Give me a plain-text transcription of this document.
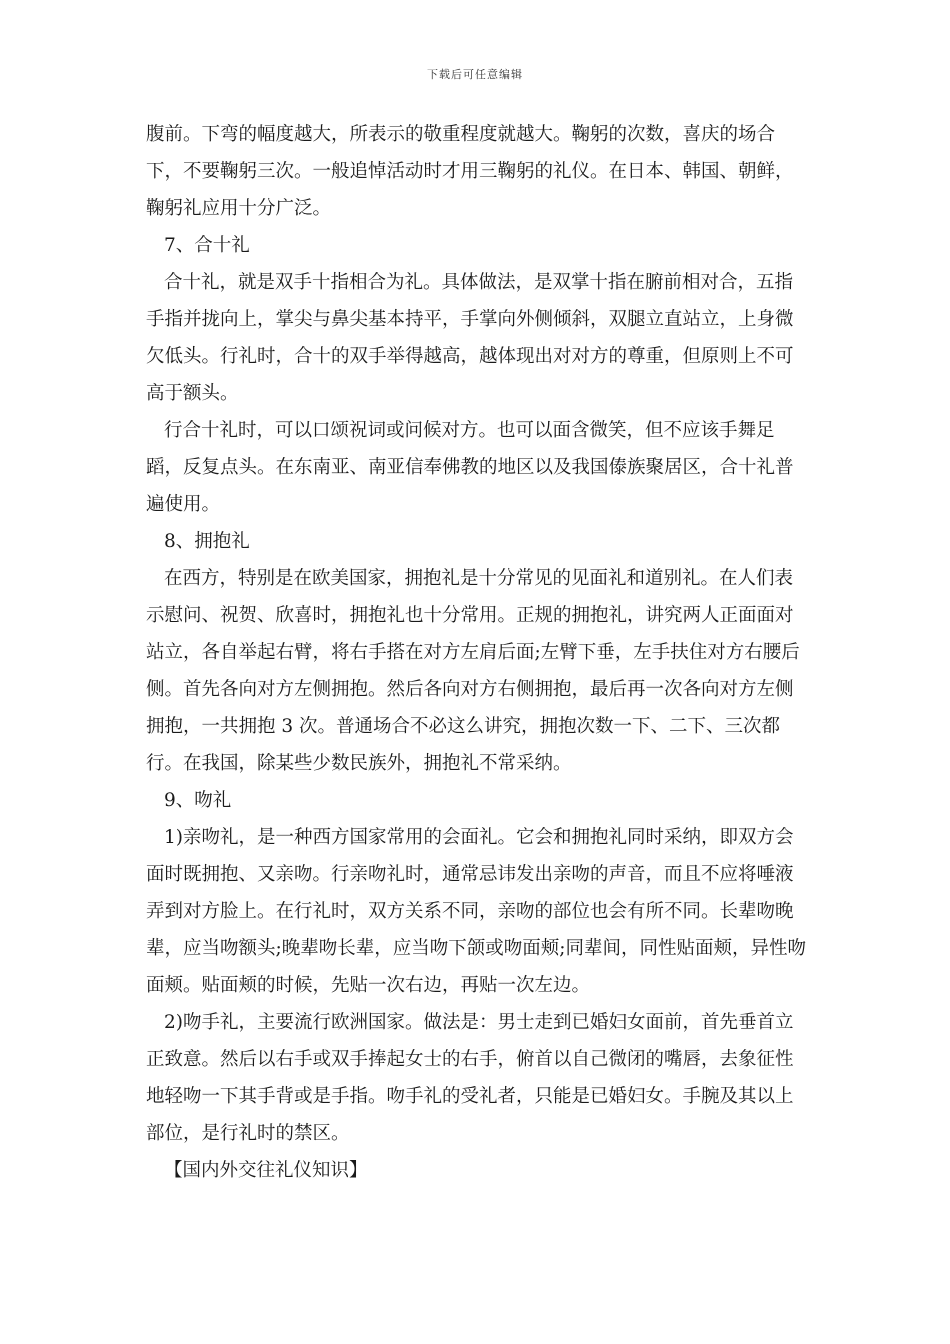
下载后可任意编辑

腹前。下弯的幅度越大，所表示的敬重程度就越大。鞠躬的次数，喜庆的场合下，不要鞠躬三次。一般追悼活动时才用三鞠躬的礼仪。在日本、韩国、朝鲜，鞠躬礼应用十分广泛。

7、合十礼

合十礼，就是双手十指相合为礼。具体做法，是双掌十指在腑前相对合，五指手指并拢向上，掌尖与鼻尖基本持平，手掌向外侧倾斜，双腿立直站立，上身微欠低头。行礼时，合十的双手举得越高，越体现出对对方的尊重，但原则上不可高于额头。

行合十礼时，可以口颂祝词或问候对方。也可以面含微笑，但不应该手舞足蹈，反复点头。在东南亚、南亚信奉佛教的地区以及我国傣族聚居区，合十礼普遍使用。

8、拥抱礼

在西方，特别是在欧美国家，拥抱礼是十分常见的见面礼和道别礼。在人们表示慰问、祝贺、欣喜时，拥抱礼也十分常用。正规的拥抱礼，讲究两人正面面对站立，各自举起右臂，将右手搭在对方左肩后面;左臂下垂，左手扶住对方右腰后侧。首先各向对方左侧拥抱。然后各向对方右侧拥抱，最后再一次各向对方左侧拥抱，一共拥抱 3 次。普通场合不必这么讲究，拥抱次数一下、二下、三次都行。在我国，除某些少数民族外，拥抱礼不常采纳。

9、吻礼

1)亲吻礼，是一种西方国家常用的会面礼。它会和拥抱礼同时采纳，即双方会面时既拥抱、又亲吻。行亲吻礼时，通常忌讳发出亲吻的声音，而且不应将唾液弄到对方脸上。在行礼时，双方关系不同，亲吻的部位也会有所不同。长辈吻晚辈，应当吻额头;晚辈吻长辈，应当吻下颌或吻面颊;同辈间，同性贴面颊，异性吻面颊。贴面颊的时候，先贴一次右边，再贴一次左边。

2)吻手礼，主要流行欧洲国家。做法是：男士走到已婚妇女面前，首先垂首立正致意。然后以右手或双手捧起女士的右手，俯首以自己微闭的嘴唇，去象征性地轻吻一下其手背或是手指。吻手礼的受礼者，只能是已婚妇女。手腕及其以上部位，是行礼时的禁区。

【国内外交往礼仪知识】
